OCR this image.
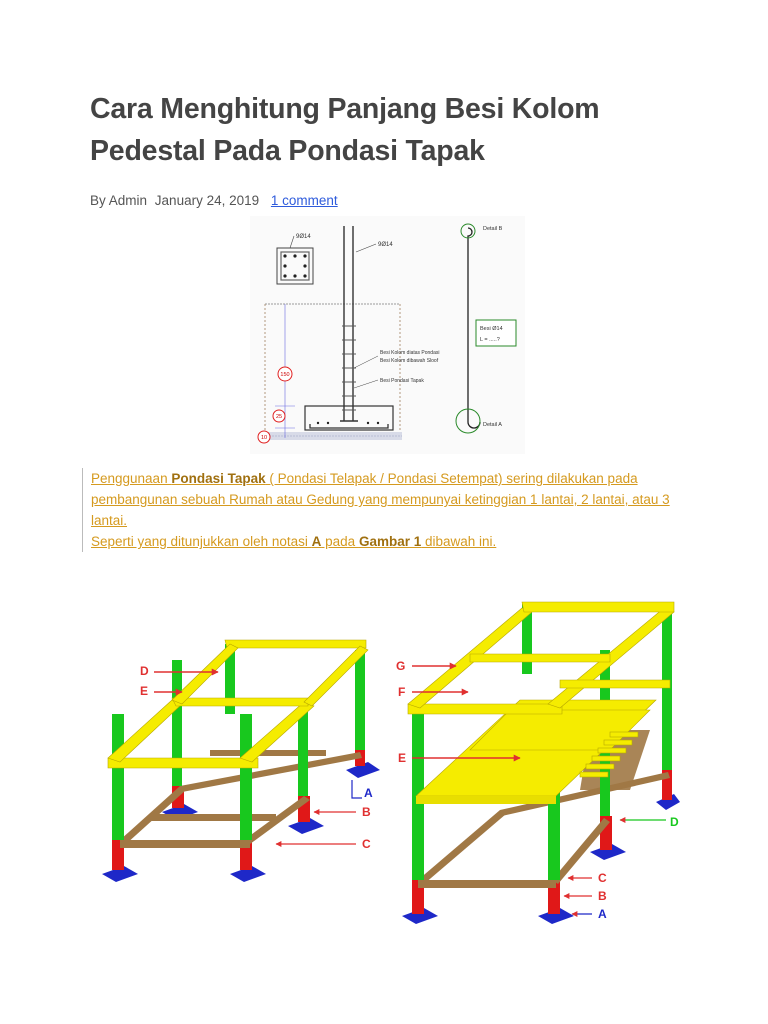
Cara Menghitung Panjang Besi Kolom Pedestal Pada Pondasi Tapak
By Admin January 24, 2019 1 comment
9Ø14
9Ø14
Besi Kolom diatas Pondasi
Besi Kolom dibawah Sloof
Besi Pondasi Tapak
150
25
10
Detail B
Detail A
Besi Ø14
L = .....?

Penggunaan Pondasi Tapak ( Pondasi Telapak / Pondasi Setempat) sering dilakukan pada pembangunan sebuah Rumah atau Gedung yang mempunyai ketinggian 1 lantai, 2 lantai, atau 3 lantai.

Seperti yang ditunjukkan oleh notasi A pada Gambar 1 dibawah ini.

D
E
A
B
C
G
F
E
D
C
B
A
